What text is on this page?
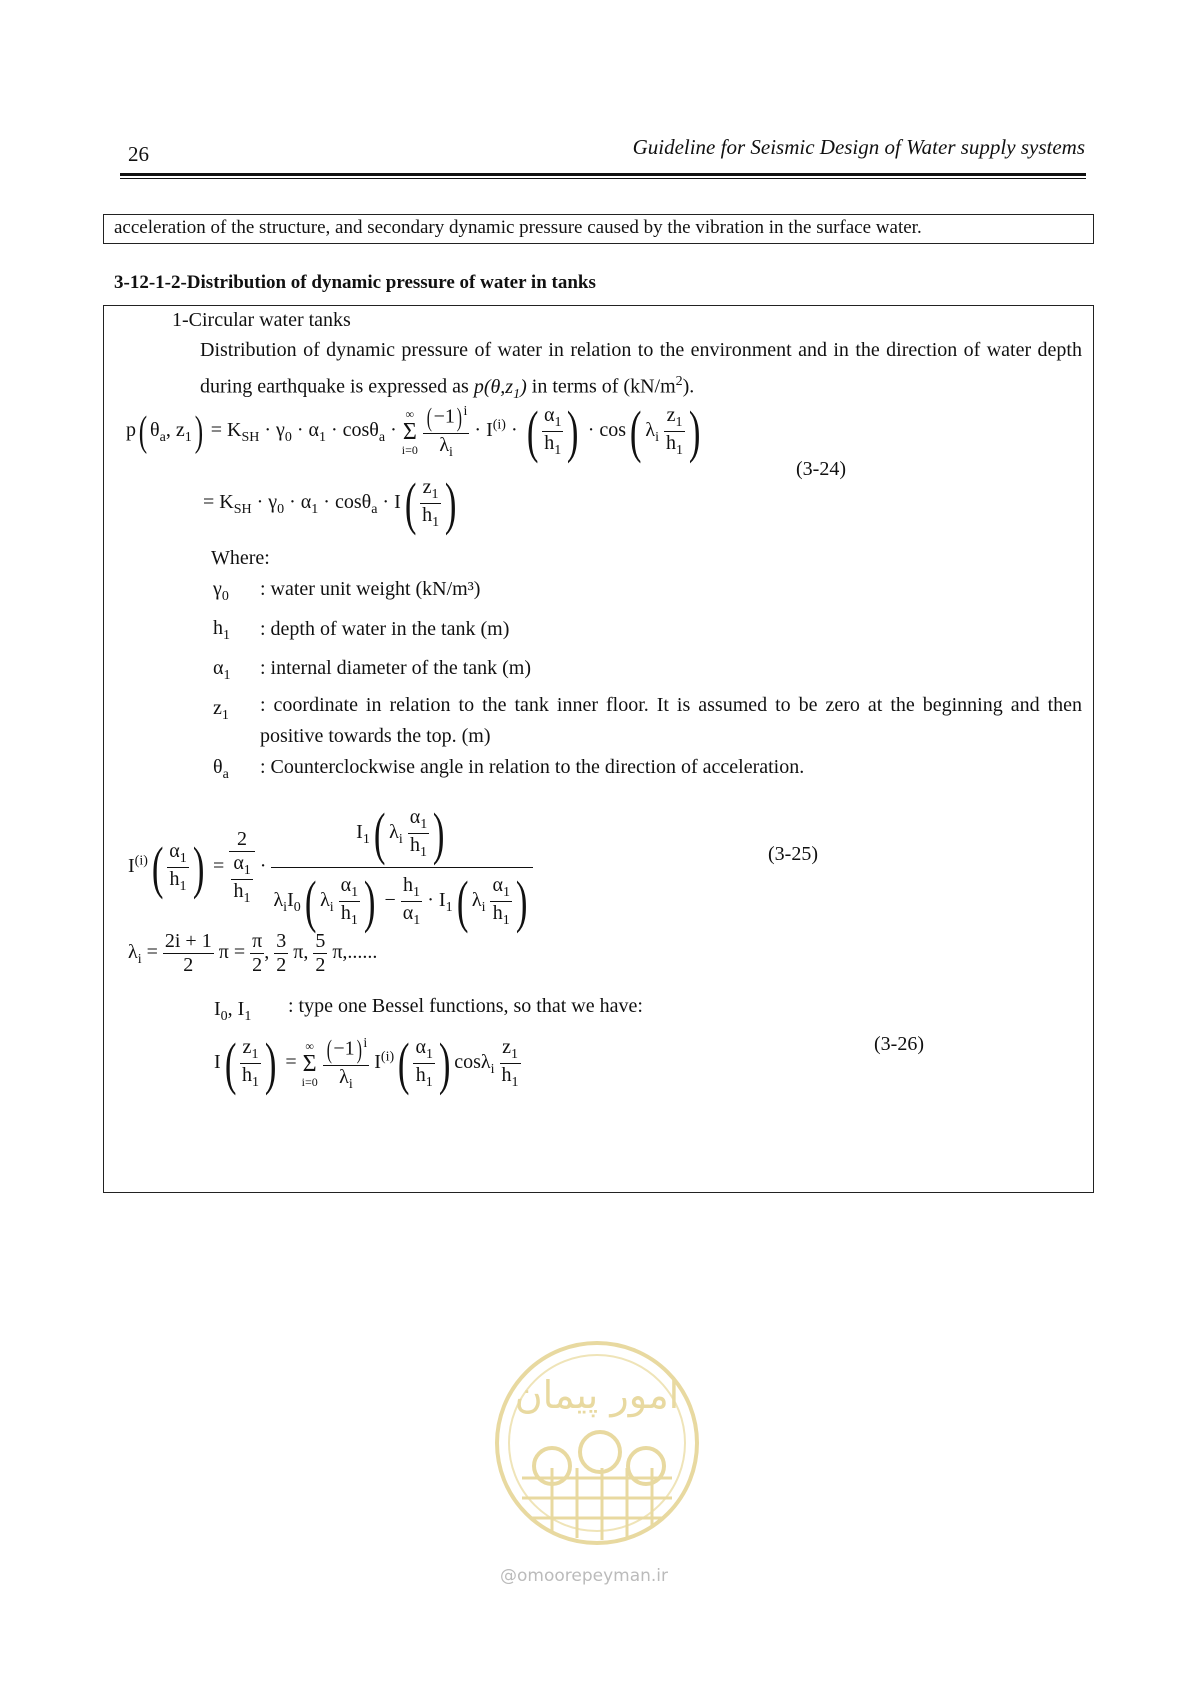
26	Guideline for Seismic Design of Water supply systems
acceleration of the structure, and secondary dynamic pressure caused by the vibration in the surface water.
3-12-1-2-Distribution of dynamic pressure of water in tanks
1-Circular water tanks
Distribution of dynamic pressure of water in relation to the environment and in the direction of water depth during earthquake is expressed as $p(\theta,z_1)$ in terms of $(kN/m^2)$.
p( $\theta_a$, $z_1) = K_{SH} \cdot \gamma_0 \cdot \alpha_1 \cdot \cos\theta_a$ ·
∞
Σ
i=0
$\frac{(-1) ^i}{\lambda_i} \cdot I^{(i)}$ · ( $\frac{\alpha_1}{h_1}$ ) · cos( $\lambda_i \frac{z_1}{h_1}$ )
(3-24)
= $K_{SH} \cdot \gamma_0 \cdot \alpha_1 \cdot \cos\theta_a \cdot I( \frac{z_1}{h_1}$ )
Where:
$\gamma_0$	: water unit weight (kN/m³)
$h_1$	: depth of water in the tank (m)
$\alpha_1$	: internal diameter of the tank (m)
$z_1$	: coordinate in relation to the tank inner floor. It is assumed to be zero at the beginning and then positive towards the top. (m)
$\theta_a$	: Counterclockwise angle in relation to the direction of acceleration.
$I^{(i)}( \frac{\alpha_1}{h_1}$ ) = $\frac{2}{\frac{\alpha_1}{h_1}} \cdot \frac{I_1( \lambda_i \frac{\alpha_1}{h_1} )}{\lambda_iI_0( \lambda_i \frac{\alpha_1}{h_1} ) - \frac{h_1}{\alpha_1} \cdot I_1( \lambda_i \frac{\alpha_1}{h_1} )}$	(3-25)
$\lambda_i = \frac{2i + 1}{2}$ $\pi = \frac{\pi}{2}$ , $\frac{3}{2} \pi$, $\frac{5}{2} \pi$,......
$I_0$, $I_1$ : type one Bessel functions, so that we have:
$I( \frac{z_1}{h_1}$ ) =
∞
Σ
i=0
$\frac{(-1) ^i}{\lambda_i} I^{(i)}( \frac{\alpha_1}{h_1}$ ) $\cos\lambda_i \frac{z_1}{h_1}$	(3-26)
امور پیمان
@omoorepeyman.ir
